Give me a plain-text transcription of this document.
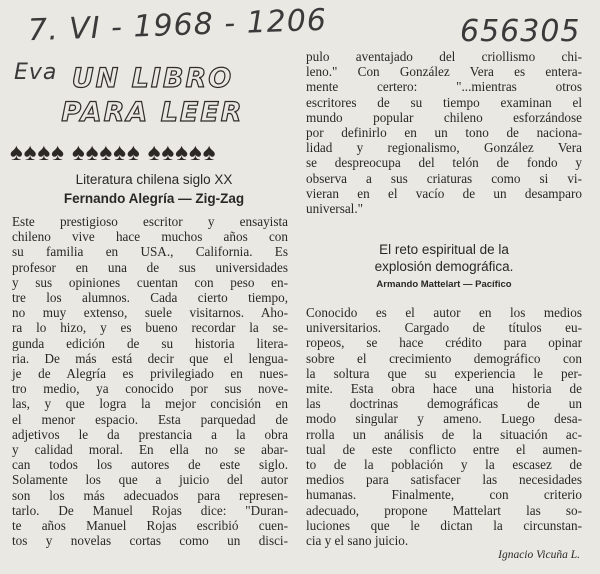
7. VI - 1968 - 1206	656305
Eva UN LIBRO
PARA LEER
♠♠♠♠ ♠♠♠♠♠ ♠♠♠♠♠
Literatura chilena siglo XX
Fernando Alegría — Zig-Zag
Este prestigioso escritor y ensayista
chileno vive hace muchos años con
su familia en USA., California. Es
profesor en una de sus universidades
y sus opiniones cuentan con peso en-
tre los alumnos. Cada cierto tiempo,
no muy extenso, suele visitarnos. Aho-
ra lo hizo, y es bueno recordar la se-
gunda edición de su historia litera-
ria. De más está decir que el lengua-
je de Alegría es privilegiado en nues-
tro medio, ya conocido por sus nove-
las, y que logra la mejor concisión en
el menor espacio. Esta parquedad de
adjetivos le da prestancia a la obra
y calidad moral. En ella no se abar-
can todos los autores de este siglo.
Solamente los que a juicio del autor
son los más adecuados para represen-
tarlo. De Manuel Rojas dice: "Duran-
te años Manuel Rojas escribió cuen-
tos y novelas cortas como un disci-
pulo aventajado del criollismo chi-
leno." Con González Vera es entera-
mente certero: "...mientras otros
escritores de su tiempo examinan el
mundo popular chileno esforzándose
por definirlo en un tono de naciona-
lidad y regionalismo, González Vera
se despreocupa del telón de fondo y
observa a sus criaturas como si vi-
vieran en el vacío de un desamparo
universal."
El reto espiritual de la
explosión demográfica.
Armando Mattelart — Pacífico
Conocido es el autor en los medios
universitarios. Cargado de títulos eu-
ropeos, se hace crédito para opinar
sobre el crecimiento demográfico con
la soltura que su experiencia le per-
mite. Esta obra hace una historia de
las doctrinas demográficas de un
modo singular y ameno. Luego desa-
rrolla un análisis de la situación ac-
tual de este conflicto entre el aumen-
to de la población y la escasez de
medios para satisfacer las necesidades
humanas. Finalmente, con criterio
adecuado, propone Mattelart las so-
luciones que le dictan la circunstan-
cia y el sano juicio.
Ignacio Vicuña L.
